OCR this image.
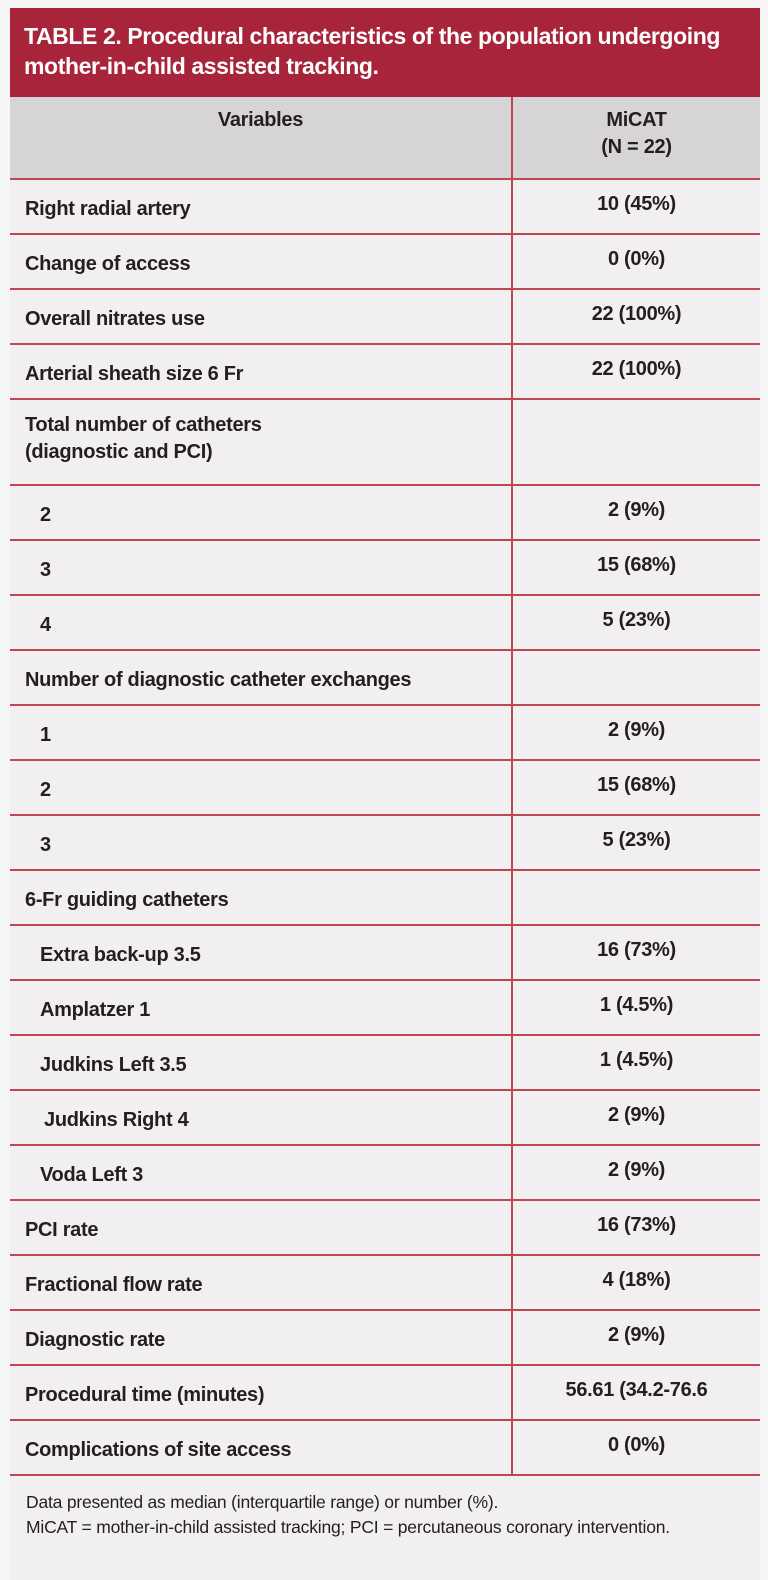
TABLE 2. Procedural characteristics of the population undergoing mother-in-child assisted tracking.
Variables	MiCAT
(N = 22)

Right radial artery	10 (45%)
Change of access	0 (0%)
Overall nitrates use	22 (100%)
Arterial sheath size 6 Fr	22 (100%)

Total number of catheters
(diagnostic and PCI)	

2	2 (9%)
3	15 (68%)
4	5 (23%)
Number of diagnostic catheter exchanges	
1	2 (9%)
2	15 (68%)
3	5 (23%)
6-Fr guiding catheters	
Extra back-up 3.5	16 (73%)
Amplatzer 1	1 (4.5%)
Judkins Left 3.5	1 (4.5%)
Judkins Right 4	2 (9%)
Voda Left 3	2 (9%)
PCI rate	16 (73%)
Fractional flow rate	4 (18%)
Diagnostic rate	2 (9%)
Procedural time (minutes)	56.61 (34.2-76.6
Complications of site access	0 (0%)
Data presented as median (interquartile range) or number (%).
MiCAT = mother-in-child assisted tracking; PCI = percutaneous coronary intervention.
